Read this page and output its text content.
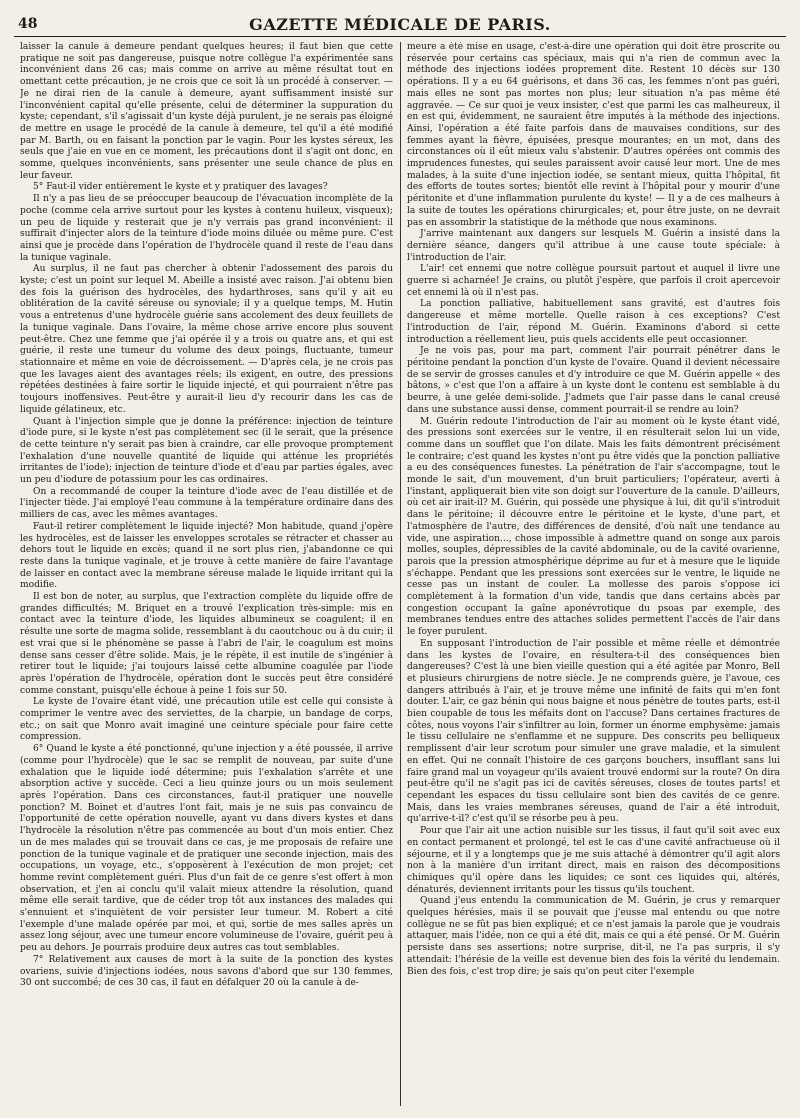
48	GAZETTE MÉDICALE DE PARIS.

laisser la canule à demeure pendant quelques heures; il faut bien que cette pratique ne soit pas dangereuse, puisque notre collègue l'a expérimentée sans inconvénient dans 26 cas; mais comme on arrive au même résultat tout en omettant cette précaution, je ne crois que ce soit là un procédé à conserver. — Je ne dirai rien de la canule à demeure, ayant suffisamment insisté sur l'inconvénient capital qu'elle présente, celui de déterminer la suppuration du kyste; cependant, s'il s'agissait d'un kyste déjà purulent, je ne serais pas éloigné de mettre en usage le procédé de la canule à demeure, tel qu'il a été modifié par M. Barth, ou en faisant la ponction par le vagin. Pour les kystes séreux, les seuls que j'aie en vue en ce moment, les précautions dont il s'agit ont donc, en somme, quelques inconvénients, sans présenter une seule chance de plus en leur faveur.

5° Faut-il vider entièrement le kyste et y pratiquer des lavages?

Il n'y a pas lieu de se préoccuper beaucoup de l'évacuation incomplète de la poche (comme cela arrive surtout pour les kystes à contenu huileux, visqueux); un peu de liquide y resterait que je n'y verrais pas grand inconvénient: il suffirait d'injecter alors de la teinture d'iode moins diluée ou même pure. C'est ainsi que je procède dans l'opération de l'hydrocèle quand il reste de l'eau dans la tunique vaginale.

Au surplus, il ne faut pas chercher à obtenir l'adossement des parois du kyste; c'est un point sur lequel M. Abeille a insisté avec raison. J'ai obtenu bien des fois la guérison des hydrocèles, des hydarthroses, sans qu'il y ait eu oblitération de la cavité séreuse ou synoviale; il y a quelque temps, M. Hutin vous a entretenus d'une hydrocèle guérie sans accolement des deux feuillets de la tunique vaginale. Dans l'ovaire, la même chose arrive encore plus souvent peut-être. Chez une femme que j'ai opérée il y a trois ou quatre ans, et qui est guérie, il reste une tumeur du volume des deux poings, fluctuante, tumeur stationnaire et même en voie de décroissement. — D'après cela, je ne crois pas que les lavages aient des avantages réels; ils exigent, en outre, des pressions répétées destinées à faire sortir le liquide injecté, et qui pourraient n'être pas toujours inoffensives. Peut-être y aurait-il lieu d'y recourir dans les cas de liquide gélatineux, etc.

Quant à l'injection simple que je donne la préférence: injection de teinture d'iode pure, si le kyste n'est pas complètement sec (il le serait, que la présence de cette teinture n'y serait pas bien à craindre, car elle provoque promptement l'exhalation d'une nouvelle quantité de liquide qui atténue les propriétés irritantes de l'iode); injection de teinture d'iode et d'eau par parties égales, avec un peu d'iodure de potassium pour les cas ordinaires.

On a recommandé de couper la teinture d'iode avec de l'eau distillée et de l'injecter tiède. J'ai employé l'eau commune à la température ordinaire dans des milliers de cas, avec les mêmes avantages.

Faut-il retirer complètement le liquide injecté? Mon habitude, quand j'opère les hydrocèles, est de laisser les enveloppes scrotales se rétracter et chasser au dehors tout le liquide en excès; quand il ne sort plus rien, j'abandonne ce qui reste dans la tunique vaginale, et je trouve à cette manière de faire l'avantage de laisser en contact avec la membrane séreuse malade le liquide irritant qui la modifie.

Il est bon de noter, au surplus, que l'extraction complète du liquide offre de grandes difficultés; M. Briquet en a trouvé l'explication très-simple: mis en contact avec la teinture d'iode, les liquides albumineux se coagulent; il en résulte une sorte de magma solide, ressemblant à du caoutchouc ou à du cuir; il est vrai que si le phénomène se passe à l'abri de l'air, le coagulum est moins dense sans cesser d'être solide. Mais, je le répète, il est inutile de s'ingénier à retirer tout le liquide; j'ai toujours laissé cette albumine coagulée par l'iode après l'opération de l'hydrocèle, opération dont le succès peut être considéré comme constant, puisqu'elle échoue à peine 1 fois sur 50.

Le kyste de l'ovaire étant vidé, une précaution utile est celle qui consiste à comprimer le ventre avec des serviettes, de la charpie, un bandage de corps, etc.; on sait que Monro avait imaginé une ceinture spéciale pour faire cette compression.

6° Quand le kyste a été ponctionné, qu'une injection y a été poussée, il arrive (comme pour l'hydrocèle) que le sac se remplit de nouveau, par suite d'une exhalation que le liquide iodé détermine; puis l'exhalation s'arrête et une absorption active y succède. Ceci a lieu quinze jours ou un mois seulement après l'opération. Dans ces circonstances, faut-il pratiquer une nouvelle ponction? M. Boinet et d'autres l'ont fait, mais je ne suis pas convaincu de l'opportunité de cette opération nouvelle, ayant vu dans divers kystes et dans l'hydrocèle la résolution n'être pas commencée au bout d'un mois entier. Chez un de mes malades qui se trouvait dans ce cas, je me proposais de refaire une ponction de la tunique vaginale et de pratiquer une seconde injection, mais des occupations, un voyage, etc., s'opposèrent à l'exécution de mon projet; cet homme revint complètement guéri. Plus d'un fait de ce genre s'est offert à mon observation, et j'en ai conclu qu'il valait mieux attendre la résolution, quand même elle serait tardive, que de céder trop tôt aux instances des malades qui s'ennuient et s'inquiètent de voir persister leur tumeur. M. Robert a cité l'exemple d'une malade opérée par moi, et qui, sortie de mes salles après un assez long séjour, avec une tumeur encore volumineuse de l'ovaire, guérit peu à peu au dehors. Je pourrais produire deux autres cas tout semblables.

7° Relativement aux causes de mort à la suite de la ponction des kystes ovariens, suivie d'injections iodées, nous savons d'abord que sur 130 femmes, 30 ont succombé; de ces 30 cas, il faut en défalquer 20 où la canule à de-

meure a été mise en usage, c'est-à-dire une opération qui doit être proscrite ou réservée pour certains cas spéciaux, mais qui n'a rien de commun avec la méthode des injections iodées proprement dite. Restent 10 décès sur 130 opérations. Il y a eu 64 guérisons, et dans 36 cas, les femmes n'ont pas guéri, mais elles ne sont pas mortes non plus; leur situation n'a pas même été aggravée. — Ce sur quoi je veux insister, c'est que parmi les cas malheureux, il en est qui, évidemment, ne sauraient être imputés à la méthode des injections. Ainsi, l'opération a été faite parfois dans de mauvaises conditions, sur des femmes ayant la fièvre, épuisées, presque mourantes; en un mot, dans des circonstances où il eût mieux valu s'abstenir. D'autres opérées ont commis des imprudences funestes, qui seules paraissent avoir causé leur mort. Une de mes malades, à la suite d'une injection iodée, se sentant mieux, quitta l'hôpital, fit des efforts de toutes sortes; bientôt elle revint à l'hôpital pour y mourir d'une péritonite et d'une inflammation purulente du kyste! — Il y a de ces malheurs à la suite de toutes les opérations chirurgicales; et, pour être juste, on ne devrait pas en assombrir la statistique de la méthode que nous examinons.

J'arrive maintenant aux dangers sur lesquels M. Guérin a insisté dans la dernière séance, dangers qu'il attribue à une cause toute spéciale: à l'introduction de l'air.

L'air! cet ennemi que notre collègue poursuit partout et auquel il livre une guerre si acharnée! Je crains, ou plutôt j'espère, que parfois il croit apercevoir cet ennemi là où il n'est pas.

La ponction palliative, habituellement sans gravité, est d'autres fois dangereuse et même mortelle. Quelle raison à ces exceptions? C'est l'introduction de l'air, répond M. Guérin. Examinons d'abord si cette introduction a réellement lieu, puis quels accidents elle peut occasionner.

Je ne vois pas, pour ma part, comment l'air pourrait pénétrer dans le péritoine pendant la ponction d'un kyste de l'ovaire. Quand il devient nécessaire de se servir de grosses canules et d'y introduire ce que M. Guérin appelle « des bâtons, » c'est que l'on a affaire à un kyste dont le contenu est semblable à du beurre, à une gelée demi-solide. J'admets que l'air passe dans le canal creusé dans une substance aussi dense, comment pourrait-il se rendre au loin?

M. Guérin redoute l'introduction de l'air au moment où le kyste étant vidé, des pressions sont exercées sur le ventre, il en résulterait selon lui un vide, comme dans un soufflet que l'on dilate. Mais les faits démontrent précisément le contraire; c'est quand les kystes n'ont pu être vidés que la ponction palliative a eu des conséquences funestes. La pénétration de l'air s'accompagne, tout le monde le sait, d'un mouvement, d'un bruit particuliers; l'opérateur, averti à l'instant, appliquerait bien vite son doigt sur l'ouverture de la canule. D'ailleurs, où cet air irait-il? M. Guérin, qui possède une physique à lui, dit qu'il s'introduit dans le péritoine; il découvre entre le péritoine et le kyste, d'une part, et l'atmosphère de l'autre, des différences de densité, d'où naît une tendance au vide, une aspiration..., chose impossible à admettre quand on songe aux parois molles, souples, dépressibles de la cavité abdominale, ou de la cavité ovarienne, parois que la pression atmosphérique déprime au fur et à mesure que le liquide s'échappe. Pendant que les pressions sont exercées sur le ventre, le liquide ne cesse pas un instant de couler. La mollesse des parois s'oppose ici complètement à la formation d'un vide, tandis que dans certains abcès par congestion occupant la gaîne aponévrotique du psoas par exemple, des membranes tendues entre des attaches solides permettent l'accès de l'air dans le foyer purulent.

En supposant l'introduction de l'air possible et même réelle et démontrée dans les kystes de l'ovaire, en résultera-t-il des conséquences bien dangereuses? C'est là une bien vieille question qui a été agitée par Monro, Bell et plusieurs chirurgiens de notre siècle. Je ne comprends guère, je l'avoue, ces dangers attribués à l'air, et je trouve même une infinité de faits qui m'en font douter. L'air, ce gaz bénin qui nous baigne et nous pénètre de toutes parts, est-il bien coupable de tous les méfaits dont on l'accuse? Dans certaines fractures de côtes, nous voyons l'air s'infiltrer au loin, former un énorme emphysème: jamais le tissu cellulaire ne s'enflamme et ne suppure. Des conscrits peu belliqueux remplissent d'air leur scrotum pour simuler une grave maladie, et la simulent en effet. Qui ne connaît l'histoire de ces garçons bouchers, insufflant sans lui faire grand mal un voyageur qu'ils avaient trouvé endormi sur la route? On dira peut-être qu'il ne s'agit pas ici de cavités séreuses, closes de toutes parts! et cependant les espaces du tissu cellulaire sont bien des cavités de ce genre. Mais, dans les vraies membranes séreuses, quand de l'air a été introduit, qu'arrive-t-il? c'est qu'il se résorbe peu à peu.

Pour que l'air ait une action nuisible sur les tissus, il faut qu'il soit avec eux en contact permanent et prolongé, tel est le cas d'une cavité anfractueuse où il séjourne, et il y a longtemps que je me suis attaché à démontrer qu'il agit alors non à la manière d'un irritant direct, mais en raison des décompositions chimiques qu'il opère dans les liquides; ce sont ces liquides qui, altérés, dénaturés, deviennent irritants pour les tissus qu'ils touchent.

Quand j'eus entendu la communication de M. Guérin, je crus y remarquer quelques hérésies, mais il se pouvait que j'eusse mal entendu ou que notre collègue ne se fût pas bien expliqué; et ce n'est jamais la parole que je voudrais attaquer, mais l'idée, non ce qui a été dit, mais ce qui a été pensé. Or M. Guérin persiste dans ses assertions; notre surprise, dit-il, ne l'a pas surpris, il s'y attendait: l'hérésie de la veille est devenue bien des fois la vérité du lendemain. Bien des fois, c'est trop dire; je sais qu'on peut citer l'exemple
